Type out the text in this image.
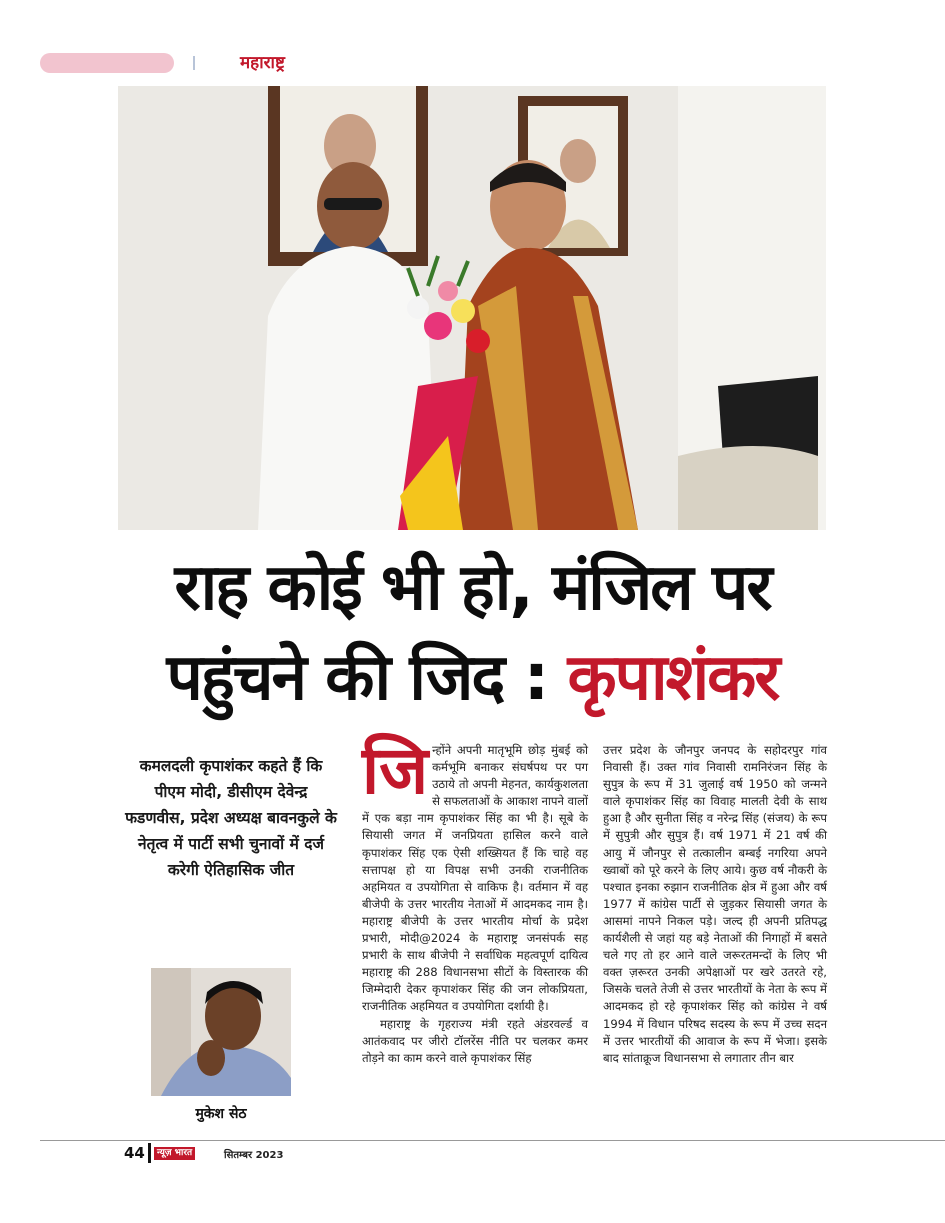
महाराष्ट्र
राह कोई भी हो, मंजिल पर
पहुंचने की जिद : कृपाशंकर
कमलदली कृपाशंकर कहते हैं कि पीएम मोदी, डीसीएम देवेन्द्र फडणवीस, प्रदेश अध्यक्ष बावनकुले के नेतृत्व में पार्टी सभी चुनावों में दर्ज करेगी ऐतिहासिक जीत
मुकेश सेठ
जि न्होंने अपनी मातृभूमि छोड़ मुंबई को कर्मभूमि बनाकर संघर्षपथ पर पग उठाये तो अपनी मेहनत, कार्यकुशलता से सफलताओं के आकाश नापने वालों में एक बड़ा नाम कृपाशंकर सिंह का भी है। सूबे के सियासी जगत में जनप्रियता हासिल करने वाले कृपाशंकर सिंह एक ऐसी शख्सियत हैं कि चाहे वह सत्तापक्ष हो या विपक्ष सभी उनकी राजनीतिक अहमियत व उपयोगिता से वाकिफ है। वर्तमान में वह बीजेपी के उत्तर भारतीय नेताओं में आदमकद नाम है। महाराष्ट्र बीजेपी के उत्तर भारतीय मोर्चा के प्रदेश प्रभारी, मोदी@2024 के महाराष्ट्र जनसंपर्क सह प्रभारी के साथ बीजेपी ने सर्वाधिक महत्वपूर्ण दायित्व महाराष्ट्र की 288 विधानसभा सीटों के विस्तारक की जिम्मेदारी देकर कृपाशंकर सिंह की जन लोकप्रियता, राजनीतिक अहमियत व उपयोगिता दर्शायी है।

महाराष्ट्र के गृहराज्य मंत्री रहते अंडरवर्ल्ड व आतंकवाद पर जीरो टॉलरेंस नीति पर चलकर कमर तोड़ने का काम करने वाले कृपाशंकर सिंह

उत्तर प्रदेश के जौनपुर जनपद के सहोदरपुर गांव निवासी हैं। उक्त गांव निवासी रामनिरंजन सिंह के सुपुत्र के रूप में 31 जुलाई वर्ष 1950 को जन्मने वाले कृपाशंकर सिंह का विवाह मालती देवी के साथ हुआ है और सुनीता सिंह व नरेन्द्र सिंह (संजय) के रूप में सुपुत्री और सुपुत्र हैं। वर्ष 1971 में 21 वर्ष की आयु में जौनपुर से तत्कालीन बम्बई नगरिया अपने ख्वाबों को पूरे करने के लिए आये। कुछ वर्ष नौकरी के पश्चात इनका रुझान राजनीतिक क्षेत्र में हुआ और वर्ष 1977 में कांग्रेस पार्टी से जुड़कर सियासी जगत के आसमां नापने निकल पड़े। जल्द ही अपनी प्रतिपद्ध कार्यशैली से जहां यह बड़े नेताओं की निगाहों में बसते चले गए तो हर आने वाले जरूरतमन्दों के लिए भी वक्त ज़रूरत उनकी अपेक्षाओं पर खरे उतरते रहे, जिसके चलते तेजी से उत्तर भारतीयों के नेता के रूप में आदमकद हो रहे कृपाशंकर सिंह को कांग्रेस ने वर्ष 1994 में विधान परिषद सदस्य के रूप में उच्च सदन में उत्तर भारतीयों की आवाज के रूप में भेजा। इसके बाद सांताक्रूज विधानसभा से लगातार तीन बार

44	न्यूज़ भारत	सितम्बर 2023
